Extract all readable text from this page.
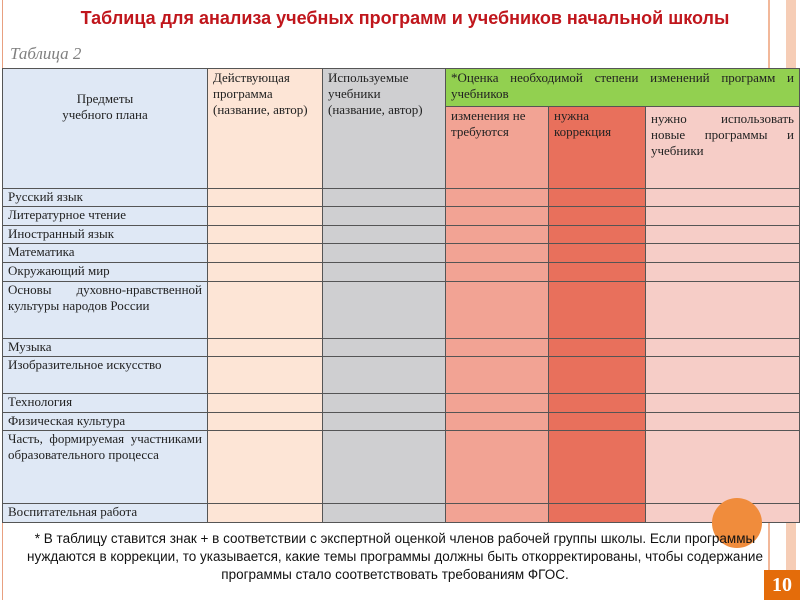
Таблица для анализа учебных программ и учебников начальной школы
Таблица 2
Предметы учебного плана	Действующая программа (название, автор)	Используемые учебники (название, автор)	*Оценка необходимой степени изменений программ и учебников		
			изменения не требуются	нужна коррекция	нужно использовать новые программы и учебники
Русский язык					
Литературное чтение					
Иностранный язык					
Математика					
Окружающий мир					
Основы духовно-нравственной культуры народов России					
Музыка					
Изобразительное искусство					
Технология					
Физическая культура					
Часть, формируемая участниками образовательного процесса					
Воспитательная работа					
* В таблицу ставится знак + в соответствии с экспертной оценкой членов рабочей группы школы. Если программы нуждаются в коррекции, то указывается, какие темы программы должны быть откорректированы, чтобы содержание программы стало соответствовать требованиям ФГОС.	10
